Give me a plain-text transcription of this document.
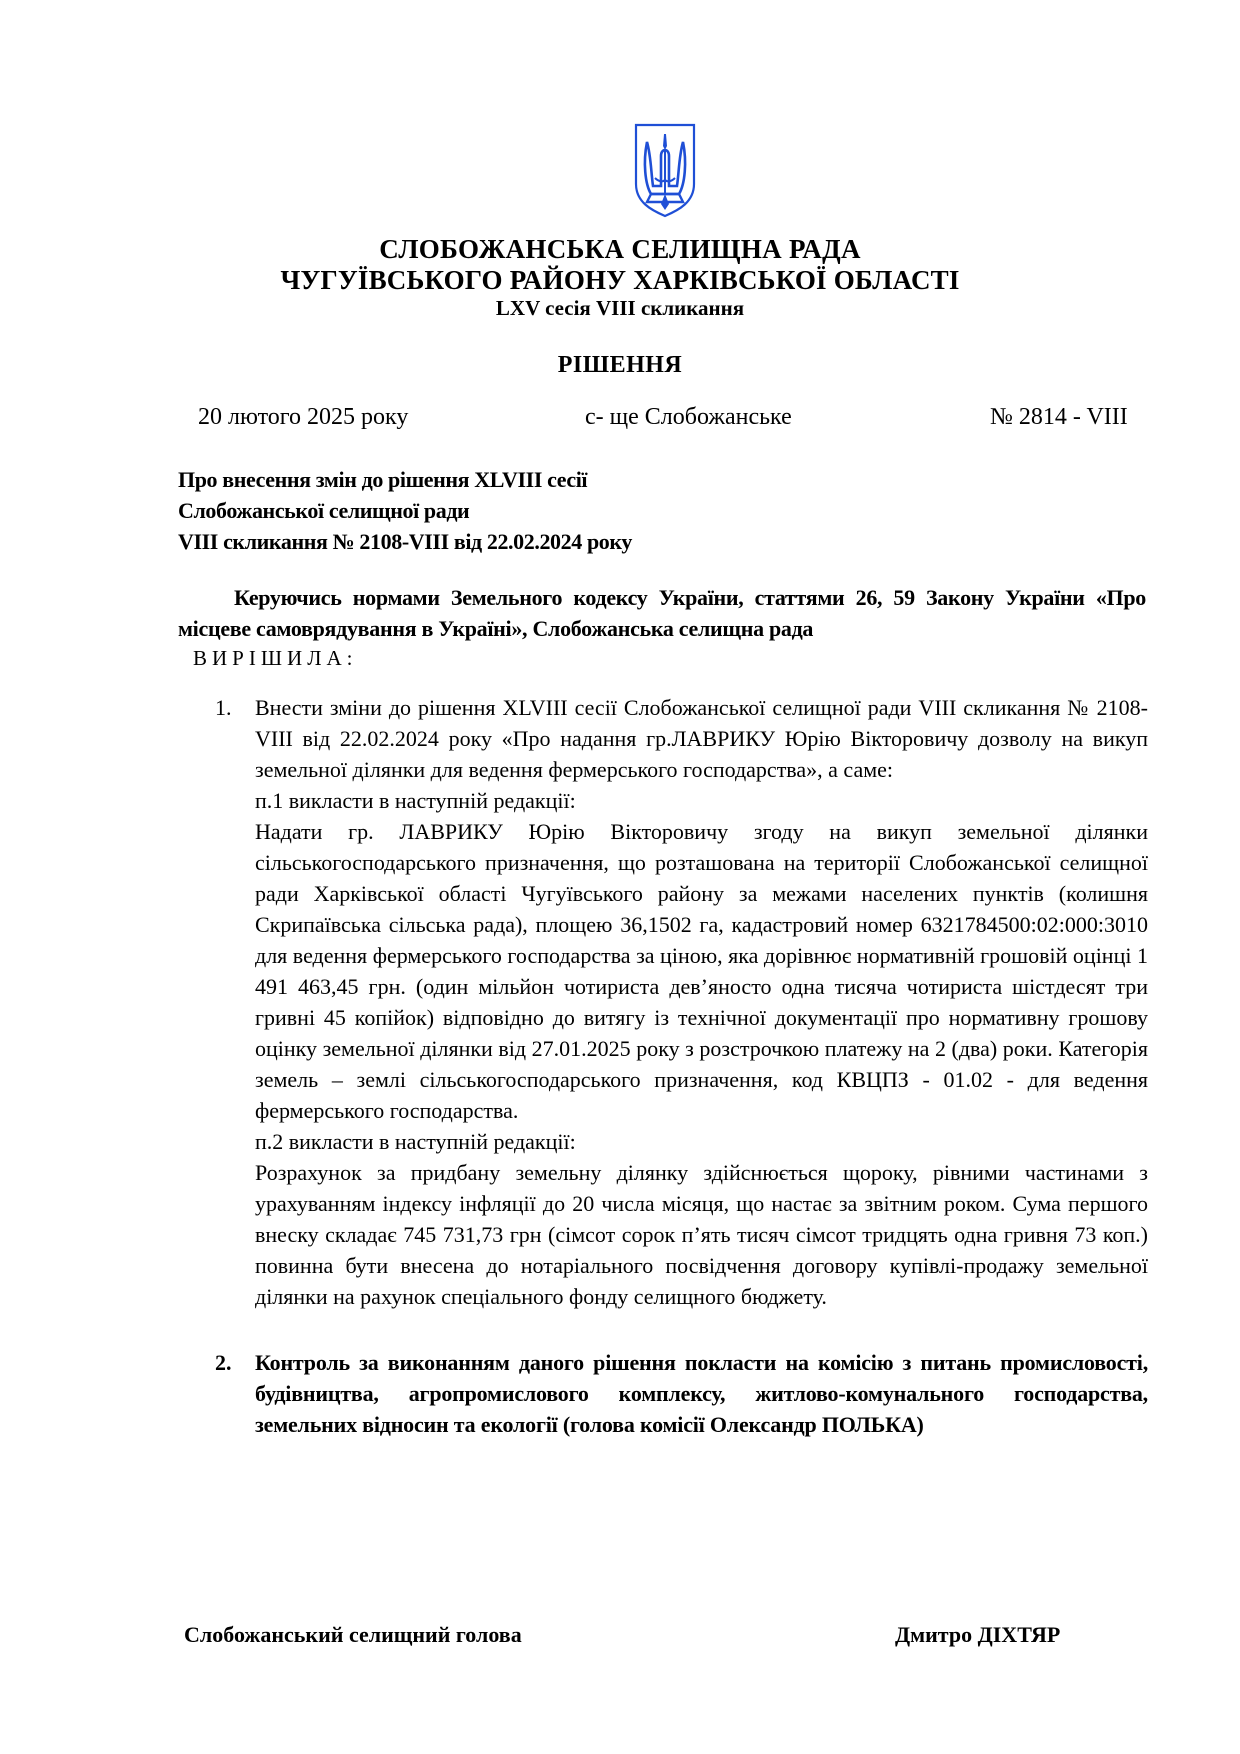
СЛОБОЖАНСЬКА СЕЛИЩНА РАДА
ЧУГУЇВСЬКОГО РАЙОНУ ХАРКІВСЬКОЇ ОБЛАСТІ
LXV сесія VIII скликання
РІШЕННЯ
20 лютого 2025 року	с- ще Слобожанське	№ 2814 - VIII
Про внесення змін до рішення XLVIII сесії
Слобожанської селищної ради
VIII скликання № 2108-VIII від 22.02.2024 року
Керуючись нормами Земельного кодексу України, статтями 26, 59 Закону України «Про місцеве самоврядування в Україні», Слобожанська селищна рада
ВИРІШИЛА:
1.	Внести зміни до рішення XLVIII сесії Слобожанської селищної ради VIII скликання № 2108-VIII від 22.02.2024 року «Про надання гр.ЛАВРИКУ Юрію Вікторовичу дозволу на викуп земельної ділянки для ведення фермерського господарства», а саме:

п.1 викласти в наступній редакції:

Надати гр. ЛАВРИКУ Юрію Вікторовичу згоду на викуп земельної ділянки сільськогосподарського призначення, що розташована на території Слобожанської селищної ради Харківської області Чугуївського району за межами населених пунктів (колишня Скрипаївська сільська рада), площею 36,1502 га, кадастровий номер 6321784500:02:000:3010 для ведення фермерського господарства за ціною, яка дорівнює нормативній грошовій оцінці 1 491 463,45 грн. (один мільйон чотириста дев’яносто одна тисяча чотириста шістдесят три гривні 45 копійок) відповідно до витягу із технічної документації про нормативну грошову оцінку земельної ділянки від 27.01.2025 року з розстрочкою платежу на 2 (два) роки. Категорія земель – землі сільськогосподарського призначення, код КВЦПЗ - 01.02 - для ведення фермерського господарства.

п.2 викласти в наступній редакції:

Розрахунок за придбану земельну ділянку здійснюється щороку, рівними частинами з урахуванням індексу інфляції до 20 числа місяця, що настає за звітним роком. Сума першого внеску складає 745 731,73 грн (сімсот сорок п’ять тисяч сімсот тридцять одна гривня 73 коп.) повинна бути внесена до нотаріального посвідчення договору купівлі-продажу земельної ділянки на рахунок спеціального фонду селищного бюджету.

2.	Контроль за виконанням даного рішення покласти на комісію з питань промисловості, будівництва, агропромислового комплексу, житлово-комунального господарства, земельних відносин та екології (голова комісії Олександр ПОЛЬКА)

Слобожанський селищний голова	Дмитро ДІХТЯР
